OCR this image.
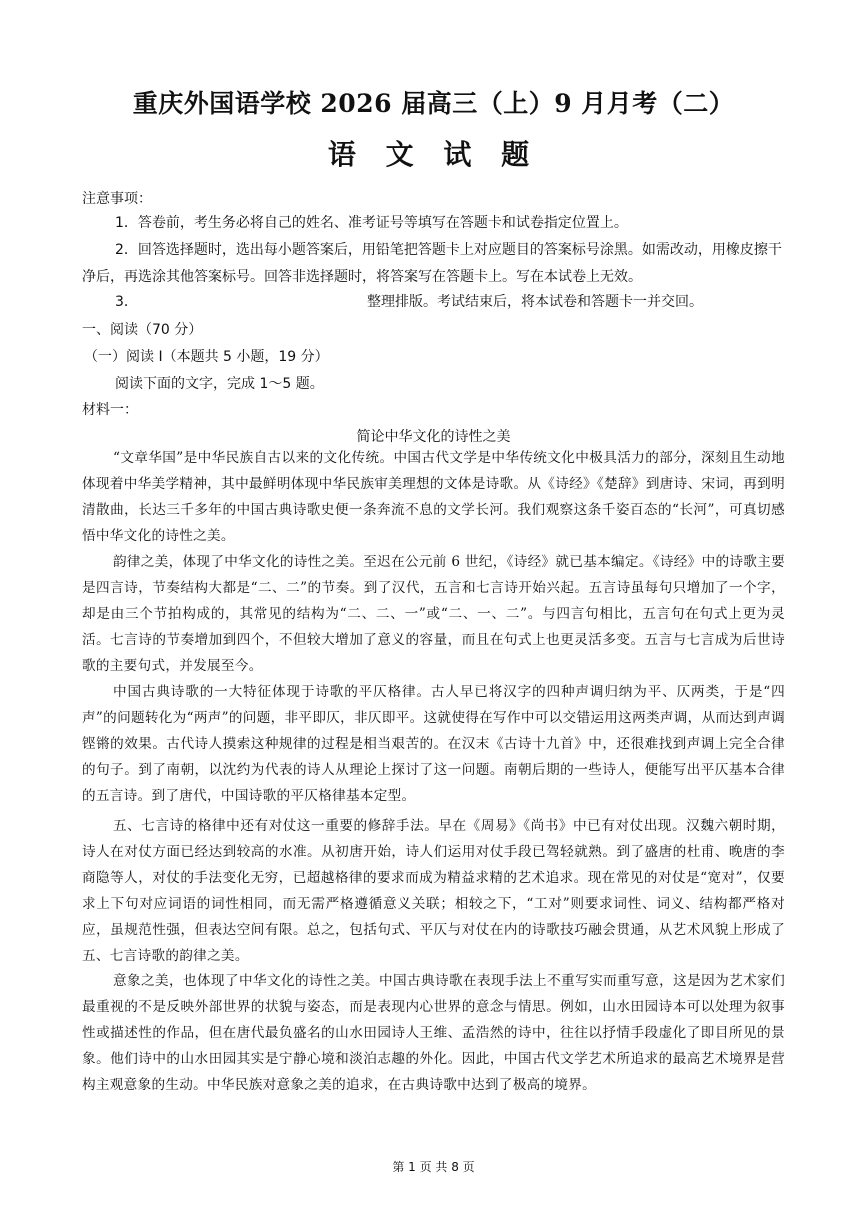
重庆外国语学校 2026 届高三（上）9 月月考（二）
语 文 试 题
注意事项：
1．答卷前，考生务必将自己的姓名、准考证号等填写在答题卡和试卷指定位置上。
2．回答选择题时，选出每小题答案后，用铅笔把答题卡上对应题目的答案标号涂黑。如需改动，用橡皮擦干净后，再选涂其他答案标号。回答非选择题时，将答案写在答题卡上。写在本试卷上无效。
3．	整理排版。考试结束后，将本试卷和答题卡一并交回。
一、阅读（70 分）
（一）阅读 I（本题共 5 小题，19 分）
阅读下面的文字，完成 1～5 题。
材料一：
简论中华文化的诗性之美
“文章华国”是中华民族自古以来的文化传统。中国古代文学是中华传统文化中极具活力的部分，深刻且生动地体现着中华美学精神，其中最鲜明体现中华民族审美理想的文体是诗歌。从《诗经》《楚辞》到唐诗、宋词，再到明清散曲，长达三千多年的中国古典诗歌史便一条奔流不息的文学长河。我们观察这条千姿百态的“长河”，可真切感悟中华文化的诗性之美。
韵律之美，体现了中华文化的诗性之美。至迟在公元前 6 世纪，《诗经》就已基本编定。《诗经》中的诗歌主要是四言诗，节奏结构大都是“二、二”的节奏。到了汉代，五言和七言诗开始兴起。五言诗虽每句只增加了一个字，却是由三个节拍构成的，其常见的结构为“二、二、一”或“二、一、二”。与四言句相比，五言句在句式上更为灵活。七言诗的节奏增加到四个，不但较大增加了意义的容量，而且在句式上也更灵活多变。五言与七言成为后世诗歌的主要句式，并发展至今。
中国古典诗歌的一大特征体现于诗歌的平仄格律。古人早已将汉字的四种声调归纳为平、仄两类，于是“四声”的问题转化为“两声”的问题，非平即仄，非仄即平。这就使得在写作中可以交错运用这两类声调，从而达到声调铿锵的效果。古代诗人摸索这种规律的过程是相当艰苦的。在汉末《古诗十九首》中，还很难找到声调上完全合律的句子。到了南朝，以沈约为代表的诗人从理论上探讨了这一问题。南朝后期的一些诗人，便能写出平仄基本合律的五言诗。到了唐代，中国诗歌的平仄格律基本定型。
五、七言诗的格律中还有对仗这一重要的修辞手法。早在《周易》《尚书》中已有对仗出现。汉魏六朝时期，诗人在对仗方面已经达到较高的水准。从初唐开始，诗人们运用对仗手段已驾轻就熟。到了盛唐的杜甫、晚唐的李商隐等人，对仗的手法变化无穷，已超越格律的要求而成为精益求精的艺术追求。现在常见的对仗是“宽对”，仅要求上下句对应词语的词性相同，而无需严格遵循意义关联；相较之下，“工对”则要求词性、词义、结构都严格对应，虽规范性强，但表达空间有限。总之，包括句式、平仄与对仗在内的诗歌技巧融会贯通，从艺术风貌上形成了五、七言诗歌的韵律之美。
意象之美，也体现了中华文化的诗性之美。中国古典诗歌在表现手法上不重写实而重写意，这是因为艺术家们最重视的不是反映外部世界的状貌与姿态，而是表现内心世界的意念与情思。例如，山水田园诗本可以处理为叙事性或描述性的作品，但在唐代最负盛名的山水田园诗人王维、孟浩然的诗中，往往以抒情手段虚化了即目所见的景象。他们诗中的山水田园其实是宁静心境和淡泊志趣的外化。因此，中国古代文学艺术所追求的最高艺术境界是营构主观意象的生动。中华民族对意象之美的追求，在古典诗歌中达到了极高的境界。
第 1 页 共 8 页
